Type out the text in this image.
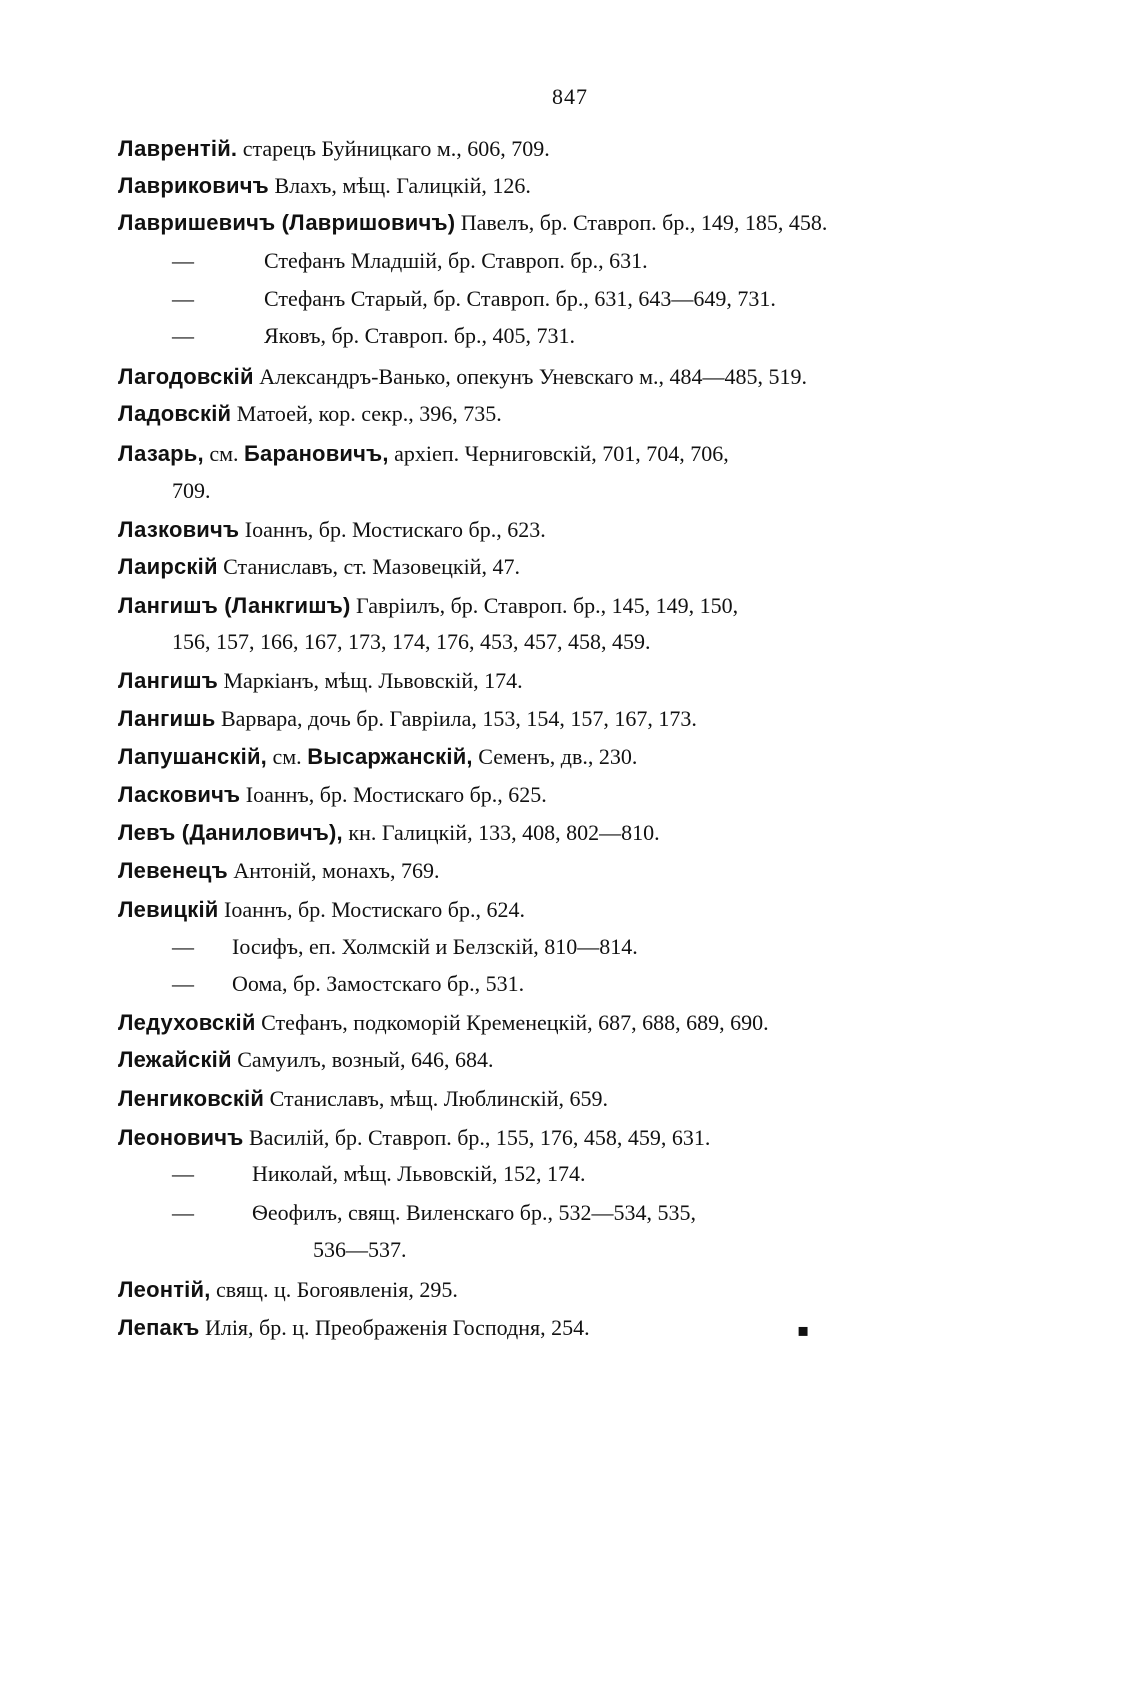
847
Лаврентій. старецъ Буйницкаго м., 606, 709.
Лавриковичъ Влахъ, мѣщ. Галицкій, 126.
Лавришевичъ (Лавришовичъ) Павелъ, бр. Ставроп. бр., 149, 185, 458.
—	Стефанъ Младшій, бр. Ставроп. бр., 631.
—	Стефанъ Старый, бр. Ставроп. бр., 631, 643—649, 731.
—	Яковъ, бр. Ставроп. бр., 405, 731.
Лагодовскій Александръ-Ванько, опекунъ Уневскаго м., 484—485, 519.
Ладовскій Матоей, кор. секр., 396, 735.
Лазарь, см. Барановичъ, архіеп. Черниговскій, 701, 704, 706,
709.
Лазковичъ Іоаннъ, бр. Мостискаго бр., 623.
Лаирскій Станиславъ, ст. Мазовецкій, 47.
Лангишъ (Ланкгишъ) Гавріилъ, бр. Ставроп. бр., 145, 149, 150,
156, 157, 166, 167, 173, 174, 176, 453, 457, 458, 459.
Лангишъ Маркіанъ, мѣщ. Львовскій, 174.
Лангишь Варвара, дочь бр. Гавріила, 153, 154, 157, 167, 173.
Лапушанскій, см. Высаржанскій, Семенъ, дв., 230.
Ласковичъ Іоаннъ, бр. Мостискаго бр., 625.
Левъ (Даниловичъ), кн. Галицкій, 133, 408, 802—810.
Левенецъ Антоній, монахъ, 769.
Левицкій Іоаннъ, бр. Мостискаго бр., 624.
— Іосифъ, еп. Холмскій и Белзскій, 810—814.
— Оома, бр. Замостскаго бр., 531.
Ледуховскій Стефанъ, подкоморій Кременецкій, 687, 688, 689, 690.
Лежайскій Самуилъ, возный, 646, 684.
Ленгиковскій Станиславъ, мѣщ. Люблинскій, 659.
Леоновичъ Василій, бр. Ставроп. бр., 155, 176, 458, 459, 631.
—	Николай, мѣщ. Львовскій, 152, 174.
—	Ѳеофилъ, свящ. Виленскаго бр., 532—534, 535,
536—537.
Леонтій, свящ. ц. Богоявленія, 295.
Лепакъ Илія, бр. ц. Преображенія Господня, 254.	▪
